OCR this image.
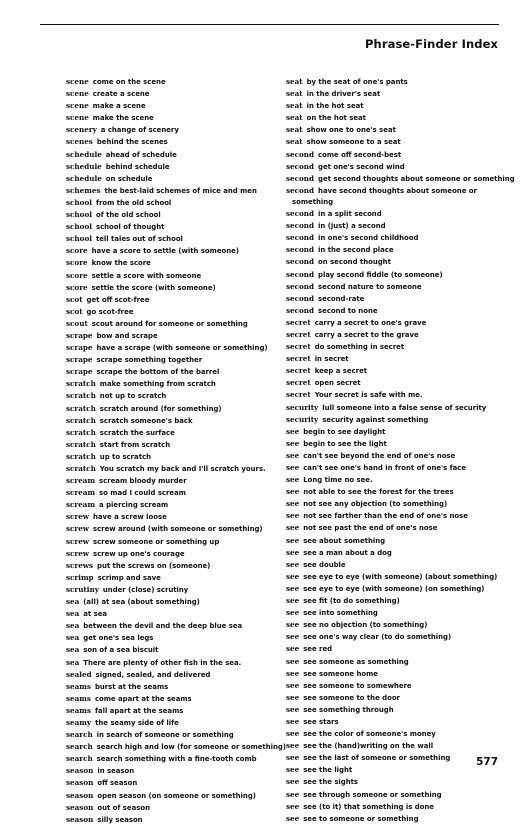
Phrase-Finder Index
scene come on the scene
scene create a scene
scene make a scene
scene make the scene
scenery a change of scenery
scenes behind the scenes
schedule ahead of schedule
schedule behind schedule
schedule on schedule
schemes the best-laid schemes of mice and men
school from the old school
school of the old school
school school of thought
school tell tales out of school
score have a score to settle (with someone)
score know the score
score settle a score with someone
score settle the score (with someone)
scot get off scot-free
scot go scot-free
scout scout around for someone or something
scrape bow and scrape
scrape have a scrape (with someone or something)
scrape scrape something together
scrape scrape the bottom of the barrel
scratch make something from scratch
scratch not up to scratch
scratch scratch around (for something)
scratch scratch someone's back
scratch scratch the surface
scratch start from scratch
scratch up to scratch
scratch You scratch my back and I'll scratch yours.
scream scream bloody murder
scream so mad I could scream
scream a piercing scream
screw have a screw loose
screw screw around (with someone or something)
screw screw someone or something up
screw screw up one's courage
screws put the screws on (someone)
scrimp scrimp and save
scrutiny under (close) scrutiny
sea (all) at sea (about something)
sea at sea
sea between the devil and the deep blue sea
sea get one's sea legs
sea son of a sea biscuit
sea There are plenty of other fish in the sea.
sealed signed, sealed, and delivered
seams burst at the seams
seams come apart at the seams
seams fall apart at the seams
seamy the seamy side of life
search in search of someone or something
search search high and low (for someone or something)
search search something with a fine-tooth comb
season in season
season off season
season open season (on someone or something)
season out of season
season silly season
seat by the seat of one's pants
seat in the driver's seat
seat in the hot seat
seat on the hot seat
seat show one to one's seat
seat show someone to a seat
second come off second-best
second get one's second wind
second get second thoughts about someone or something
second have second thoughts about someone or
something
second in a split second
second in (just) a second
second in one's second childhood
second in the second place
second on second thought
second play second fiddle (to someone)
second second nature to someone
second second-rate
second second to none
secret carry a secret to one's grave
secret carry a secret to the grave
secret do something in secret
secret in secret
secret keep a secret
secret open secret
secret Your secret is safe with me.
security lull someone into a false sense of security
security security against something
see begin to see daylight
see begin to see the light
see can't see beyond the end of one's nose
see can't see one's hand in front of one's face
see Long time no see.
see not able to see the forest for the trees
see not see any objection (to something)
see not see farther than the end of one's nose
see not see past the end of one's nose
see see about something
see see a man about a dog
see see double
see see eye to eye (with someone) (about something)
see see eye to eye (with someone) (on something)
see see fit (to do something)
see see into something
see see no objection (to something)
see see one's way clear (to do something)
see see red
see see someone as something
see see someone home
see see someone to somewhere
see see someone to the door
see see something through
see see stars
see see the color of someone's money
see see the (hand)writing on the wall
see see the last of someone or something
see see the light
see see the sights
see see through someone or something
see see (to it) that something is done
see see to someone or something
577
